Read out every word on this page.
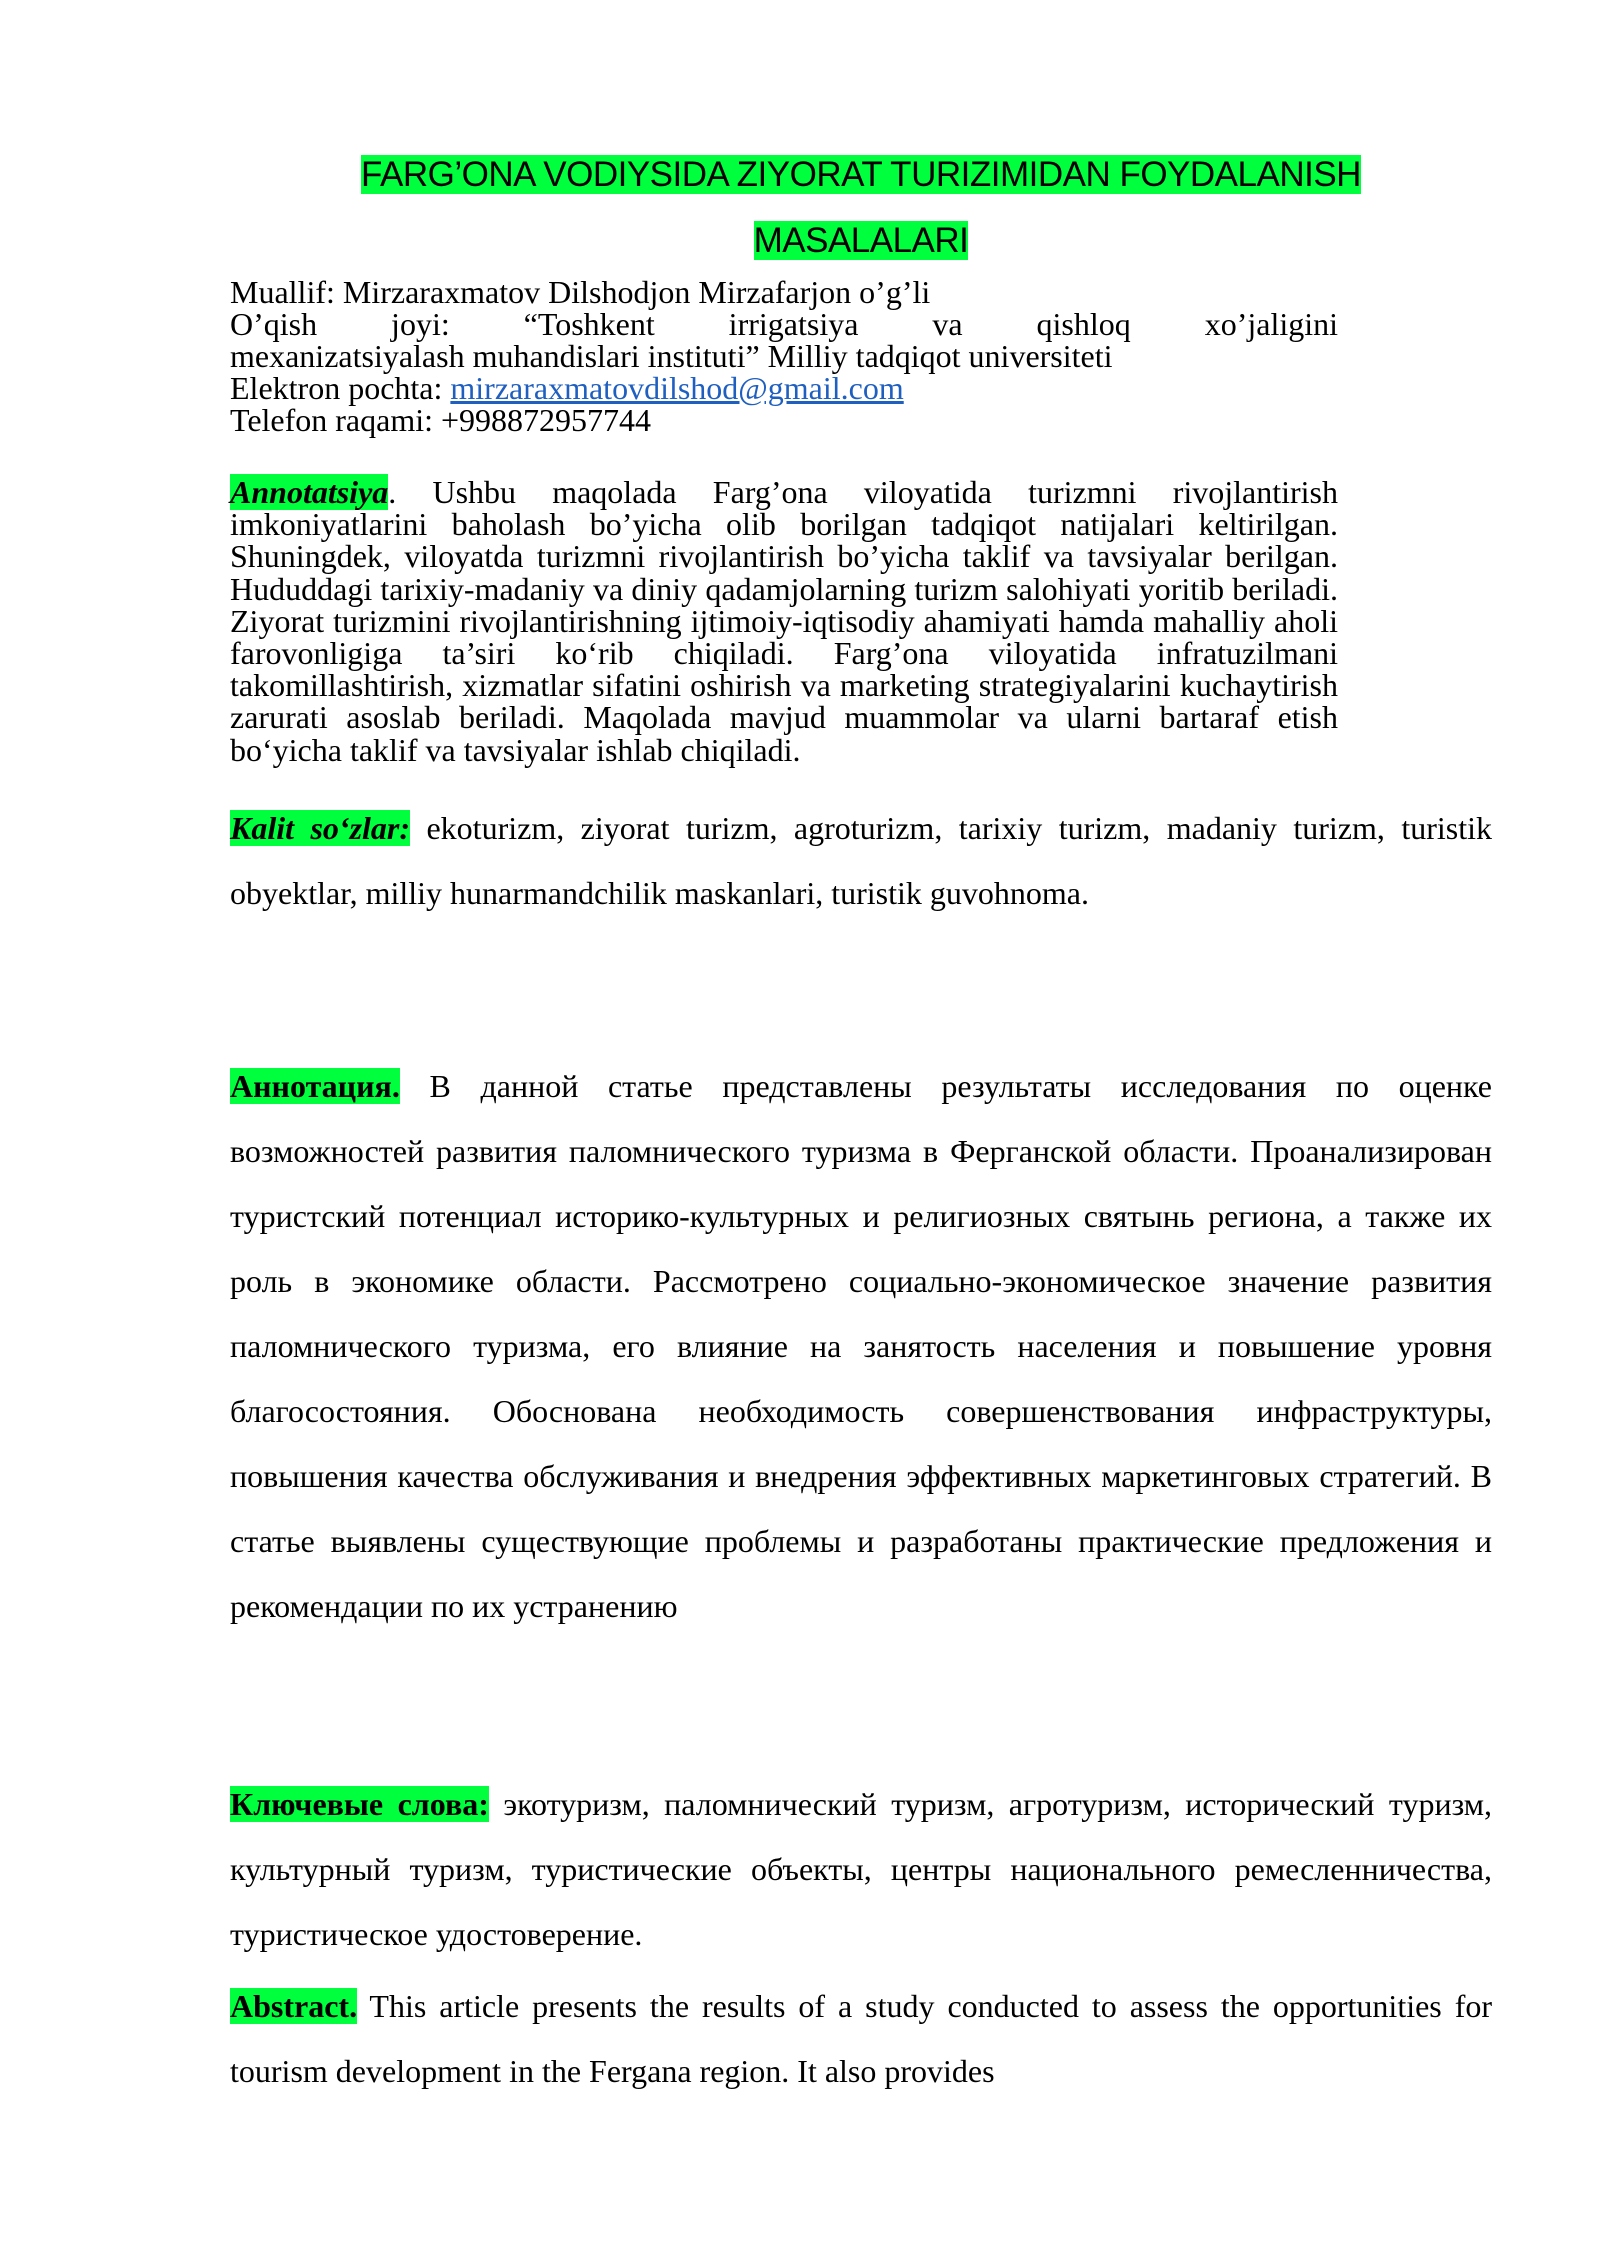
FARG’ONA VODIYSIDA ZIYORAT TURIZIMIDAN FOYDALANISH
MASALALARI
Muallif: Mirzaraxmatov Dilshodjon Mirzafarjon o’g’li
O’qish joyi: “Toshkent irrigatsiya va qishloq xo’jaligini
mexanizatsiyalash muhandislari instituti” Milliy tadqiqot universiteti
Elektron pochta: mirzaraxmatovdilshod@gmail.com
Telefon raqami: +998872957744
Annotatsiya. Ushbu maqolada Farg’ona viloyatida turizmni rivojlantirish imkoniyatlarini baholash bo’yicha olib borilgan tadqiqot natijalari keltirilgan. Shuningdek, viloyatda turizmni rivojlantirish bo’yicha taklif va tavsiyalar berilgan. Hududdagi tarixiy-madaniy va diniy qadamjolarning turizm salohiyati yoritib beriladi. Ziyorat turizmini rivojlantirishning ijtimoiy-iqtisodiy ahamiyati hamda mahalliy aholi farovonligiga ta’siri ko‘rib chiqiladi. Farg’ona viloyatida infratuzilmani takomillashtirish, xizmatlar sifatini oshirish va marketing strategiyalarini kuchaytirish zarurati asoslab beriladi. Maqolada mavjud muammolar va ularni bartaraf etish bo‘yicha taklif va tavsiyalar ishlab chiqiladi.
Kalit so‘zlar: ekoturizm, ziyorat turizm, agroturizm, tarixiy turizm, madaniy turizm, turistik obyektlar, milliy hunarmandchilik maskanlari, turistik guvohnoma.
Аннотация. В данной статье представлены результаты исследования по оценке возможностей развития паломнического туризма в Ферганской области. Проанализирован туристский потенциал историко-культурных и религиозных святынь региона, а также их роль в экономике области. Рассмотрено социально-экономическое значение развития паломнического туризма, его влияние на занятость населения и повышение уровня благосостояния. Обоснована необходимость совершенствования инфраструктуры, повышения качества обслуживания и внедрения эффективных маркетинговых стратегий. В статье выявлены существующие проблемы и разработаны практические предложения и рекомендации по их устранению
Ключевые слова: экотуризм, паломнический туризм, агротуризм, исторический туризм, культурный туризм, туристические объекты, центры национального ремесленничества, туристическое удостоверение.
Abstract. This article presents the results of a study conducted to assess the opportunities for tourism development in the Fergana region. It also provides
